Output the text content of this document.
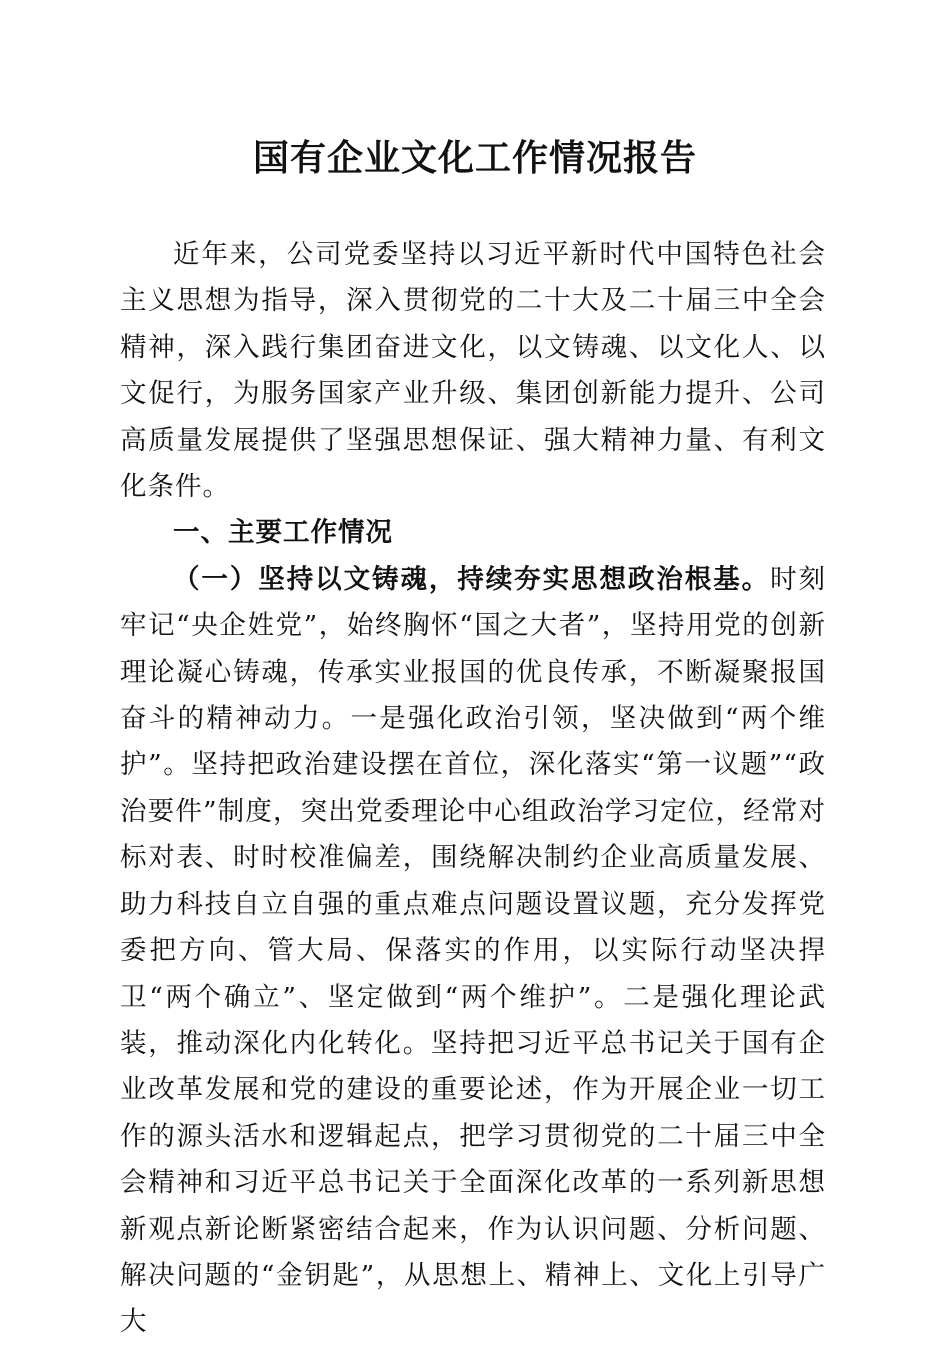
国有企业文化工作情况报告

近年来，公司党委坚持以习近平新时代中国特色社会主义思想为指导，深入贯彻党的二十大及二十届三中全会精神，深入践行集团奋进文化，以文铸魂、以文化人、以文促行，为服务国家产业升级、集团创新能力提升、公司高质量发展提供了坚强思想保证、强大精神力量、有利文化条件。

一、主要工作情况

（一）坚持以文铸魂，持续夯实思想政治根基。时刻牢记“央企姓党”，始终胸怀“国之大者”，坚持用党的创新理论凝心铸魂，传承实业报国的优良传承，不断凝聚报国奋斗的精神动力。一是强化政治引领，坚决做到“两个维护”。坚持把政治建设摆在首位，深化落实“第一议题”“政治要件”制度，突出党委理论中心组政治学习定位，经常对标对表、时时校准偏差，围绕解决制约企业高质量发展、助力科技自立自强的重点难点问题设置议题，充分发挥党委把方向、管大局、保落实的作用，以实际行动坚决捍卫“两个确立”、坚定做到“两个维护”。二是强化理论武装，推动深化内化转化。坚持把习近平总书记关于国有企业改革发展和党的建设的重要论述，作为开展企业一切工作的源头活水和逻辑起点，把学习贯彻党的二十届三中全会精神和习近平总书记关于全面深化改革的一系列新思想新观点新论断紧密结合起来，作为认识问题、分析问题、解决问题的“金钥匙”，从思想上、精神上、文化上引导广大
